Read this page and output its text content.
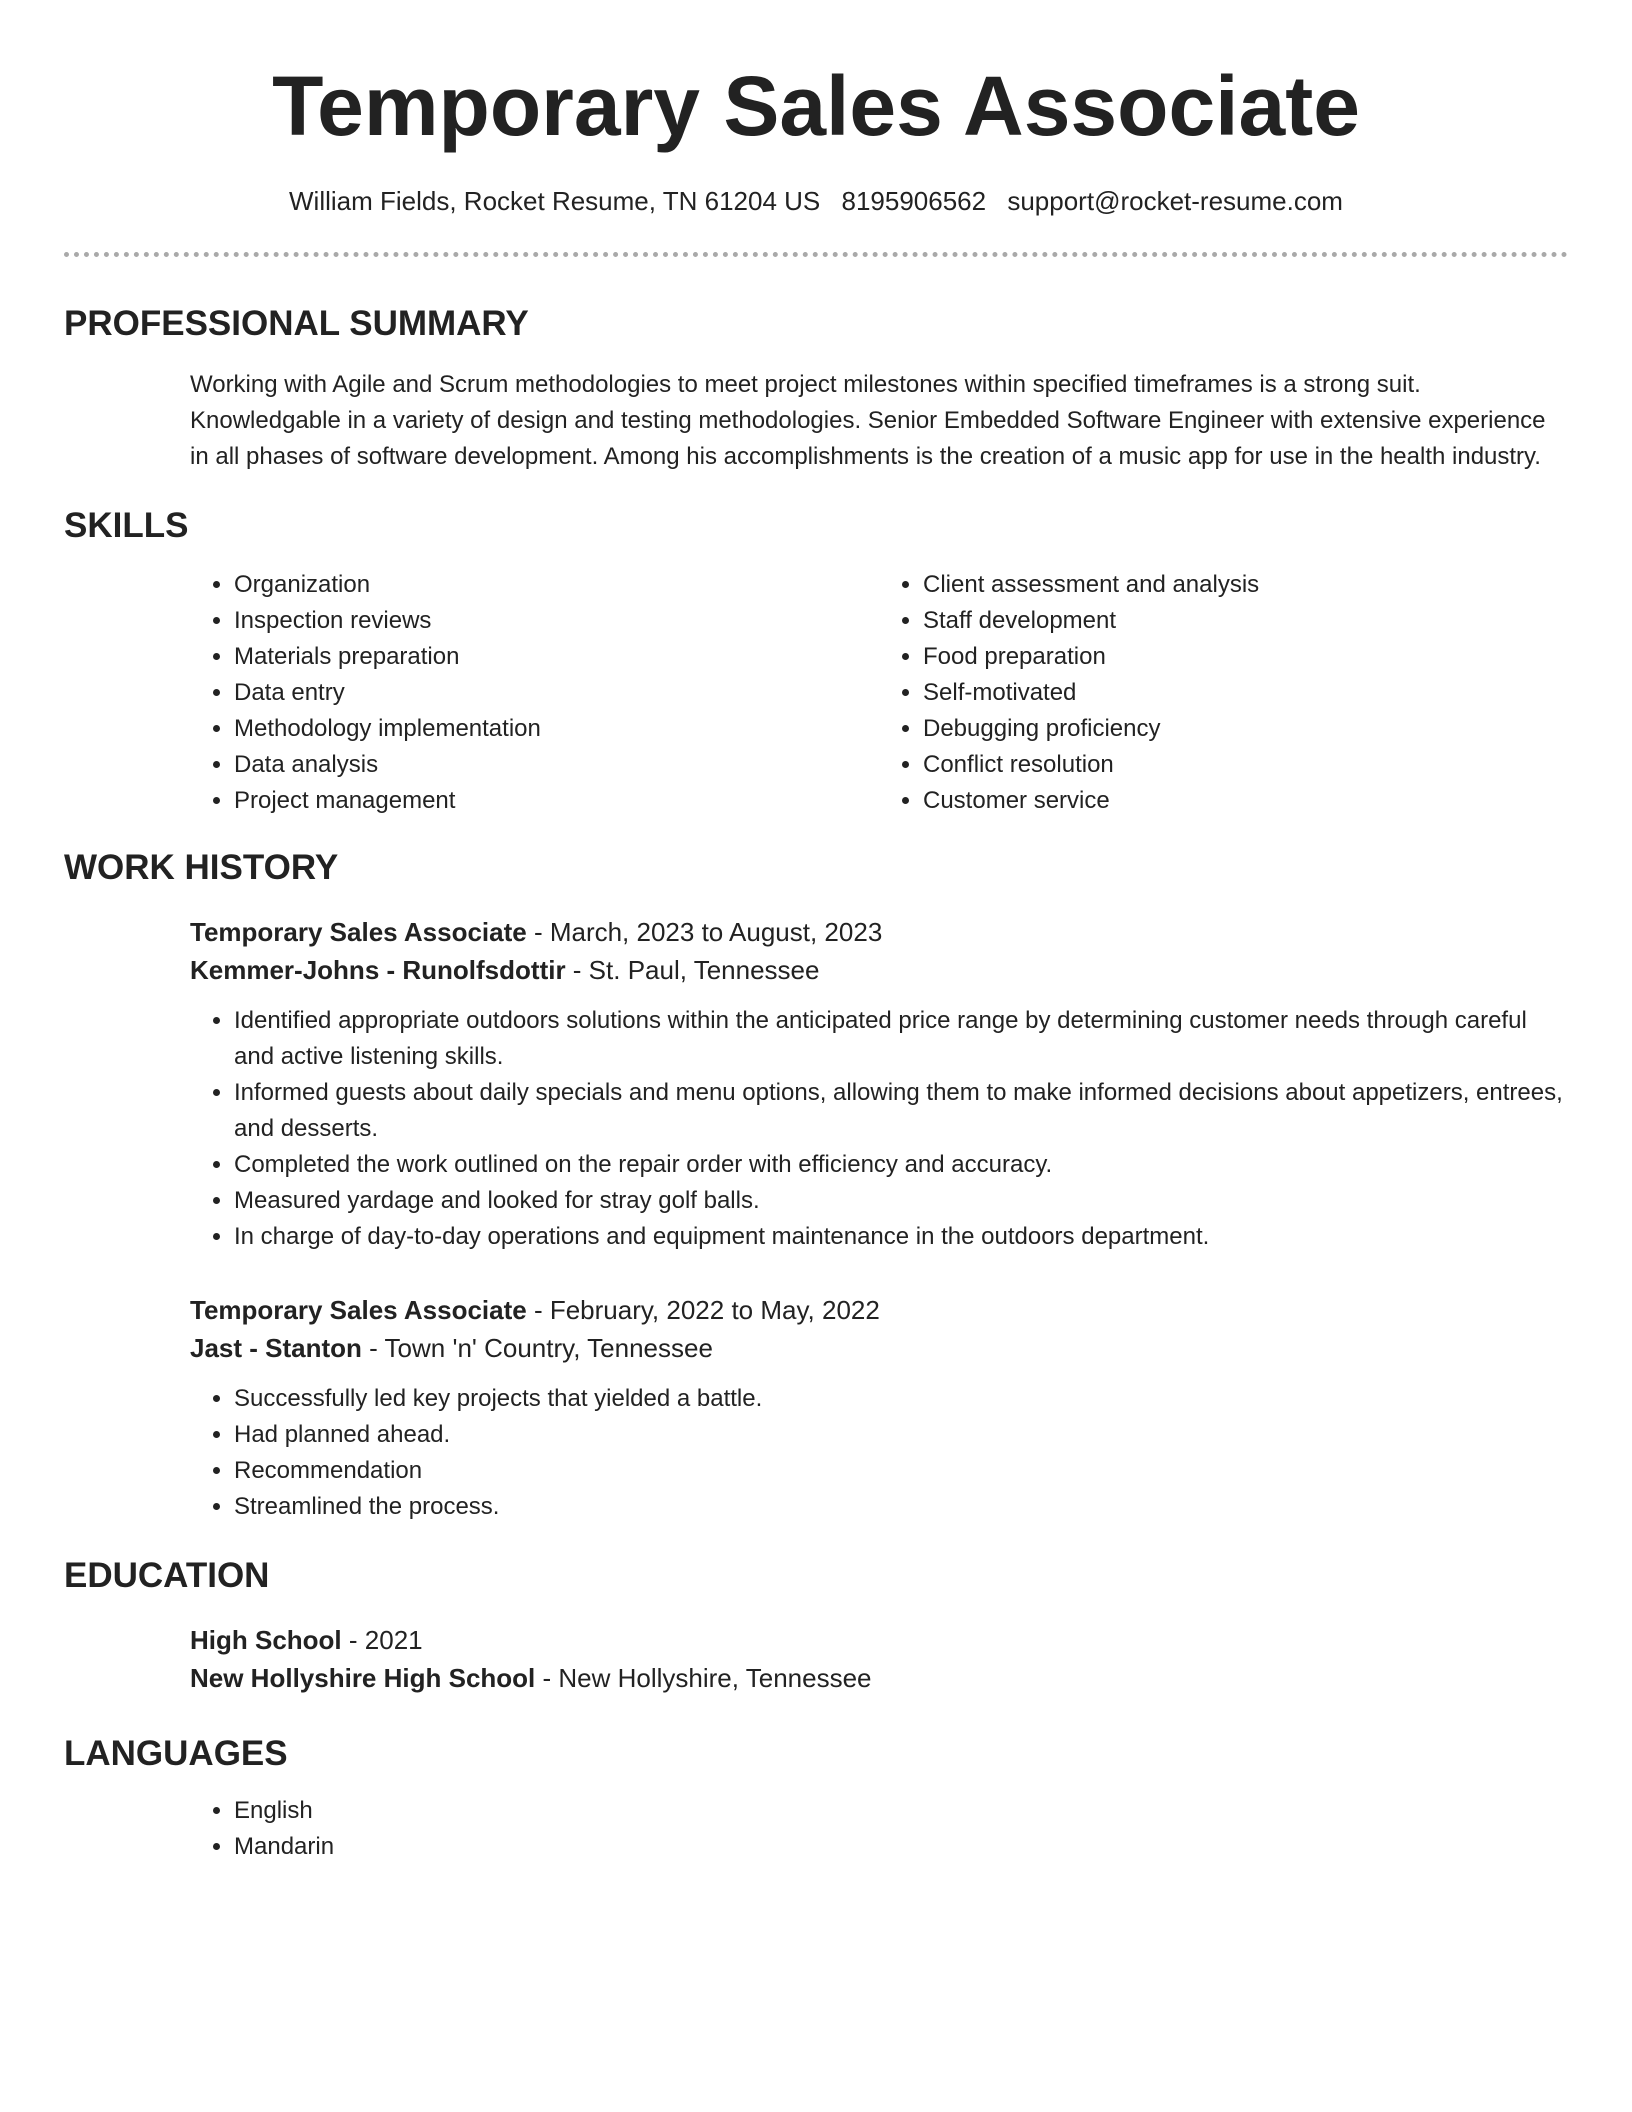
Temporary Sales Associate
William Fields, Rocket Resume, TN 61204 US 8195906562 support@rocket-resume.com
PROFESSIONAL SUMMARY
Working with Agile and Scrum methodologies to meet project milestones within specified timeframes is a strong suit. Knowledgable in a variety of design and testing methodologies. Senior Embedded Software Engineer with extensive experience in all phases of software development. Among his accomplishments is the creation of a music app for use in the health industry.
SKILLS
• Organization
• Inspection reviews
• Materials preparation
• Data entry
• Methodology implementation
• Data analysis
• Project management
• Client assessment and analysis
• Staff development
• Food preparation
• Self-motivated
• Debugging proficiency
• Conflict resolution
• Customer service
WORK HISTORY
Temporary Sales Associate - March, 2023 to August, 2023
Kemmer-Johns - Runolfsdottir - St. Paul, Tennessee
• Identified appropriate outdoors solutions within the anticipated price range by determining customer needs through careful and active listening skills.
• Informed guests about daily specials and menu options, allowing them to make informed decisions about appetizers, entrees, and desserts.
• Completed the work outlined on the repair order with efficiency and accuracy.
• Measured yardage and looked for stray golf balls.
• In charge of day-to-day operations and equipment maintenance in the outdoors department.
Temporary Sales Associate - February, 2022 to May, 2022
Jast - Stanton - Town 'n' Country, Tennessee
• Successfully led key projects that yielded a battle.
• Had planned ahead.
• Recommendation
• Streamlined the process.
EDUCATION
High School - 2021
New Hollyshire High School - New Hollyshire, Tennessee
LANGUAGES
• English
• Mandarin
